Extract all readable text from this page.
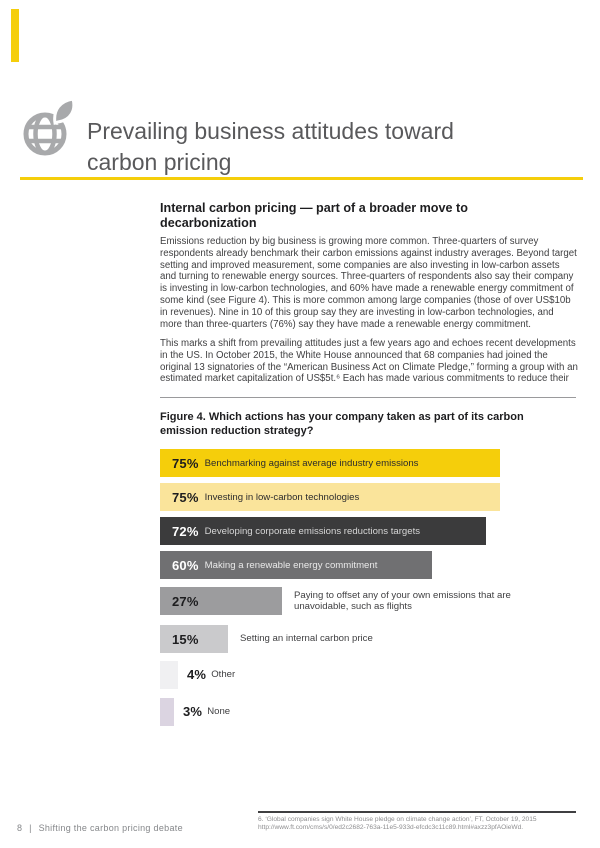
Prevailing business attitudes toward
carbon pricing
Internal carbon pricing — part of a broader move to decarbonization

Emissions reduction by big business is growing more common. Three-quarters of survey respondents already benchmark their carbon emissions against industry averages. Beyond target setting and improved measurement, some companies are also investing in low-carbon assets and turning to renewable energy sources. Three-quarters of respondents also say their company is investing in low-carbon technologies, and 60% have made a renewable energy commitment of some kind (see Figure 4). This is more common among large companies (those of over US$10b in revenues). Nine in 10 of this group say they are investing in low-carbon technologies, and more than three-quarters (76%) say they have made a renewable energy commitment.

This marks a shift from prevailing attitudes just a few years ago and echoes recent developments in the US. In October 2015, the White House announced that 68 companies had joined the original 13 signatories of the “American Business Act on Climate Pledge,” forming a group with an estimated market capitalization of US$5t.⁶ Each has made various commitments to reduce their

Figure 4. Which actions has your company taken as part of its carbon emission reduction strategy?
75% Benchmarking against average industry emissions
75% Investing in low-carbon technologies
72% Developing corporate emissions reductions targets
60% Making a renewable energy commitment
27%	Paying to offset any of your own emissions that are unavoidable, such as flights
15%	Setting an internal carbon price
4% Other
3% None
6. ‘Global companies sign White House pledge on climate change action’, FT, October 19, 2015 http://www.ft.com/cms/s/0/ed2c2682-763a-11e5-933d-efcdc3c11c89.html#axzz3pfAOieWd.
8 | Shifting the carbon pricing debate
